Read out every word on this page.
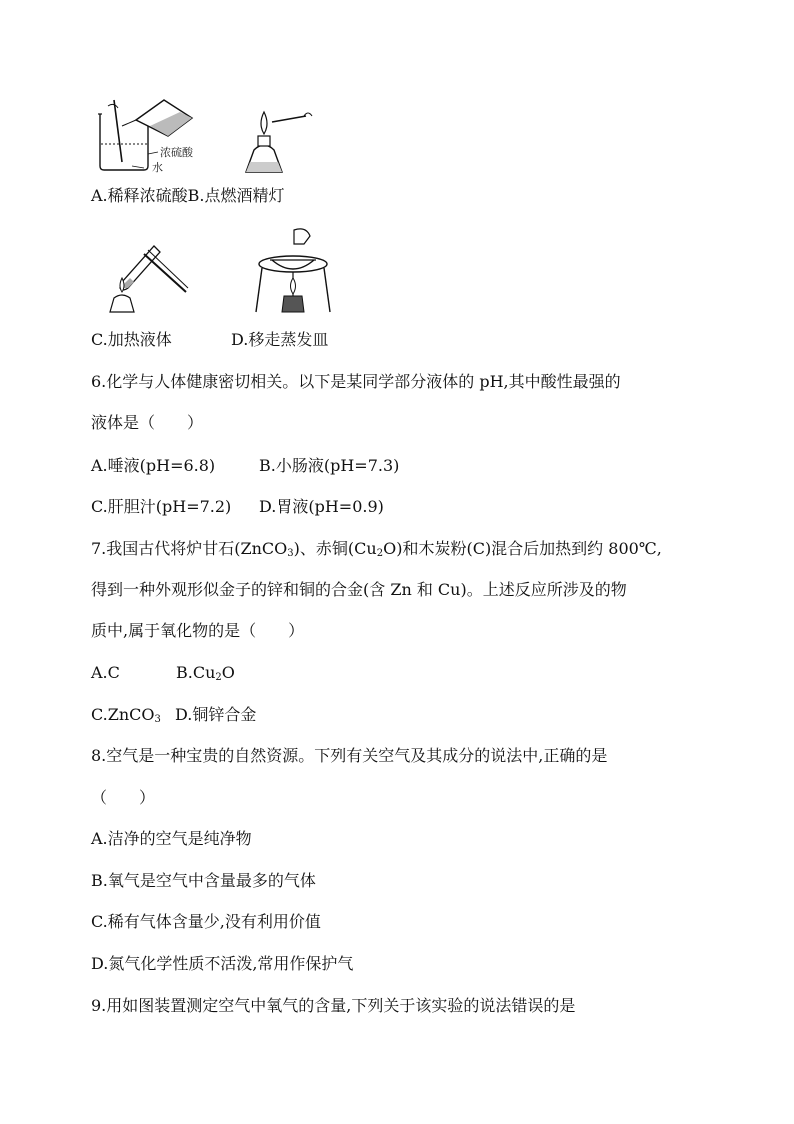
浓硫酸
水
A.稀释浓硫酸B.点燃酒精灯
C.加热液体	D.移走蒸发皿
6.化学与人体健康密切相关。以下是某同学部分液体的 pH,其中酸性最强的
液体是（　　）
A.唾液(pH=6.8)	B.小肠液(pH=7.3)
C.肝胆汁(pH=7.2) D.胃液(pH=0.9)
7.我国古代将炉甘石(ZnCO$_3$)、赤铜$(Cu_2O)$和木炭粉(C)混合后加热到约 800℃,
得到一种外观形似金子的锌和铜的合金(含 Zn 和 Cu)。上述反应所涉及的物
质中,属于氧化物的是（　　）
A.C	$B.Cu_2O$
C.ZnCO$_3$ D.铜锌合金
8.空气是一种宝贵的自然资源。下列有关空气及其成分的说法中,正确的是
（　　）
A.洁净的空气是纯净物
B.氧气是空气中含量最多的气体
C.稀有气体含量少,没有利用价值
D.氮气化学性质不活泼,常用作保护气
9.用如图装置测定空气中氧气的含量,下列关于该实验的说法错误的是
